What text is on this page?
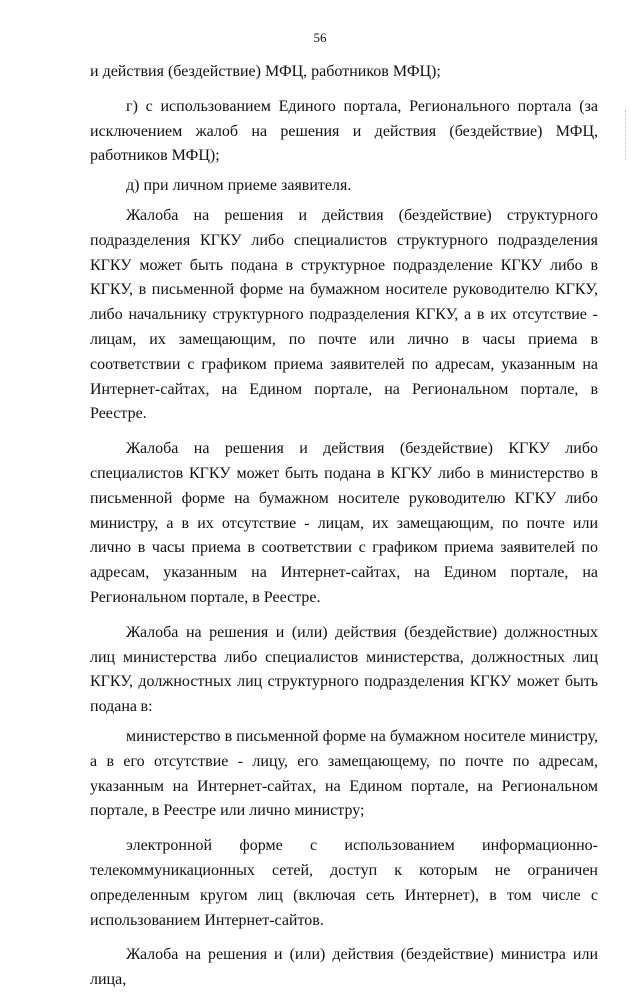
56

и действия (бездействие) МФЦ, работников МФЦ);

г) с использованием Единого портала, Регионального портала (за исключением жалоб на решения и действия (бездействие) МФЦ, работников МФЦ);

д) при личном приеме заявителя.

Жалоба на решения и действия (бездействие) структурного подразделения КГКУ либо специалистов структурного подразделения КГКУ может быть подана в структурное подразделение КГКУ либо в КГКУ, в письменной форме на бумажном носителе руководителю КГКУ, либо начальнику структурного подразделения КГКУ, а в их отсутствие - лицам, их замещающим, по почте или лично в часы приема в соответствии с графиком приема заявителей по адресам, указанным на Интернет-сайтах, на Едином портале, на Региональном портале, в Реестре.

Жалоба на решения и действия (бездействие) КГКУ либо специалистов КГКУ может быть подана в КГКУ либо в министерство в письменной форме на бумажном носителе руководителю КГКУ либо министру, а в их отсутствие - лицам, их замещающим, по почте или лично в часы приема в соответствии с графиком приема заявителей по адресам, указанным на Интернет-сайтах, на Едином портале, на Региональном портале, в Реестре.

Жалоба на решения и (или) действия (бездействие) должностных лиц министерства либо специалистов министерства, должностных лиц КГКУ, должностных лиц структурного подразделения КГКУ может быть подана в:

министерство в письменной форме на бумажном носителе министру, а в его отсутствие - лицу, его замещающему, по почте по адресам, указанным на Интернет-сайтах, на Едином портале, на Региональном портале, в Реестре или лично министру;

электронной форме с использованием информационно-телекоммуникационных сетей, доступ к которым не ограничен определенным кругом лиц (включая сеть Интернет), в том числе с использованием Интернет-сайтов.

Жалоба на решения и (или) действия (бездействие) министра или лица,
